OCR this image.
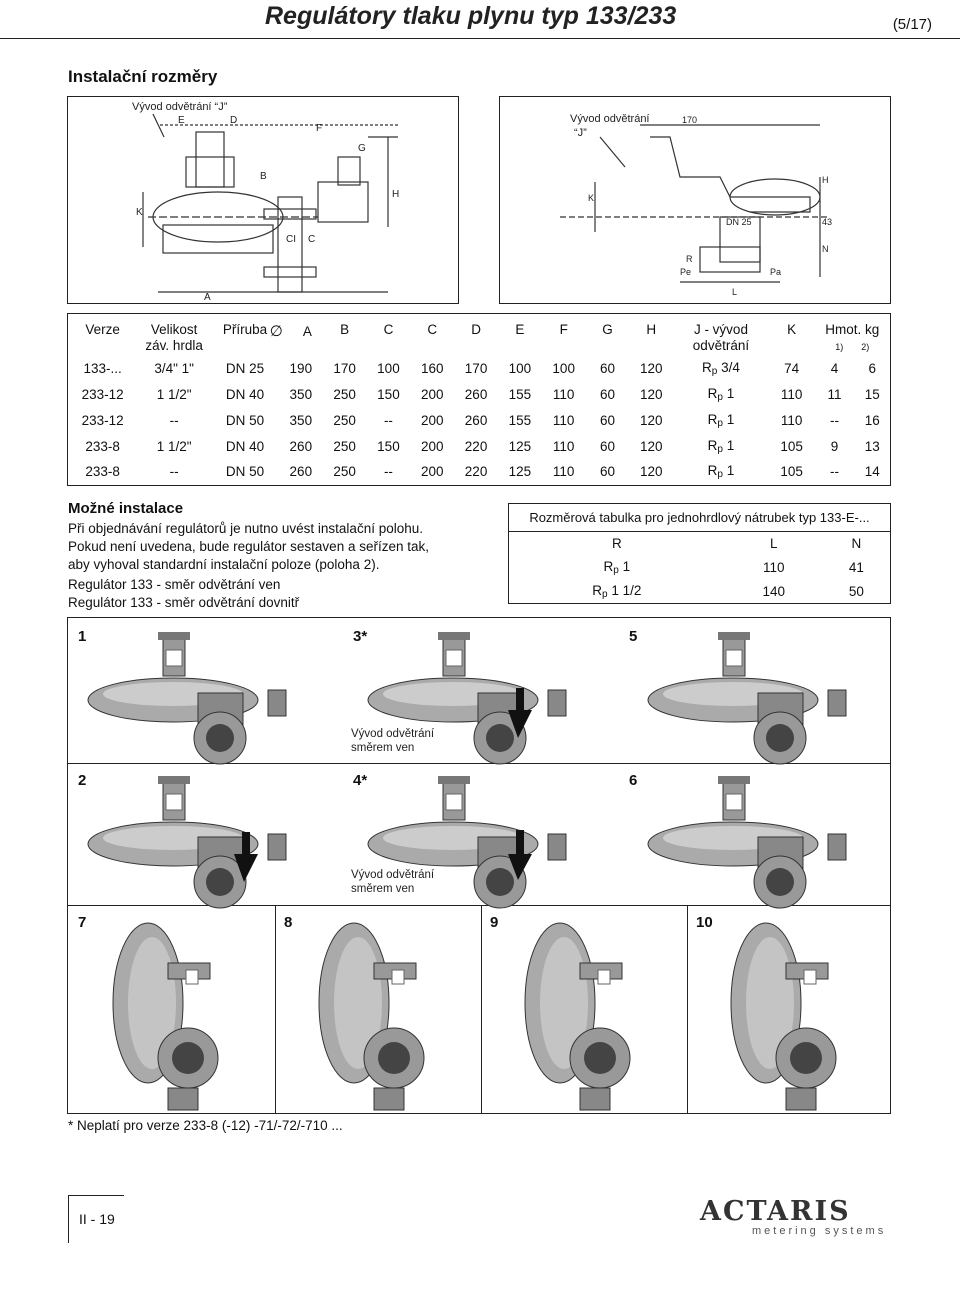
Regulátory tlaku plynu typ 133/233	(5/17)
Instalační rozměry
Vývod odvětrání “J”
E	D
F
G
B
H
K
C
CI
A
Vývod odvětrání
“J”
170
K
H
DN 25
R
N
Pe	Pa
L
43
Verze	Velikost
záv. hrdla	Příruba	∅ A	B	C	C	D	E	F	G	H	J - vývod
odvětrání	K	Hmot. kg
1) 2)	
133-...	3/4" 1"	DN 25	190	170	100	160	170	100	100	60	120	$R_p$ 3/4	74	4	6
233-12	1 1/2"	DN 40	350	250	150	200	260	155	110	60	120	$R_p$ 1	110	11	15
233-12	--	DN 50	350	250	--	200	260	155	110	60	120	$R_p$ 1	110	--	16
233-8	1 1/2"	DN 40	260	250	150	200	220	125	110	60	120	$R_p$ 1	105	9	13
233-8	--	DN 50	260	250	--	200	220	125	110	60	120	$R_p$ 1	105	--	14
Možné instalace
Při objednávání regulátorů je nutno uvést instalační polohu.
Pokud není uvedena, bude regulátor sestaven a seřízen tak,
aby vyhoval standardní instalační poloze (poloha 2).
Regulátor 133 - směr odvětrání ven
Regulátor 133 - směr odvětrání dovnitř
Rozměrová tabulka pro jednohrdlový nátrubek typ 133-E-...		
R	L	N
$R_p$ 1	110	41
$R_p$ 1 1/2	140	50
1	3*	5
2	4*	6
7	8	9	10
Vývod odvětrání
směrem ven
Vývod odvětrání
směrem ven
* Neplatí pro verze 233-8 (-12) -71/-72/-710 ...
II - 19	ACTARIS
metering systems
